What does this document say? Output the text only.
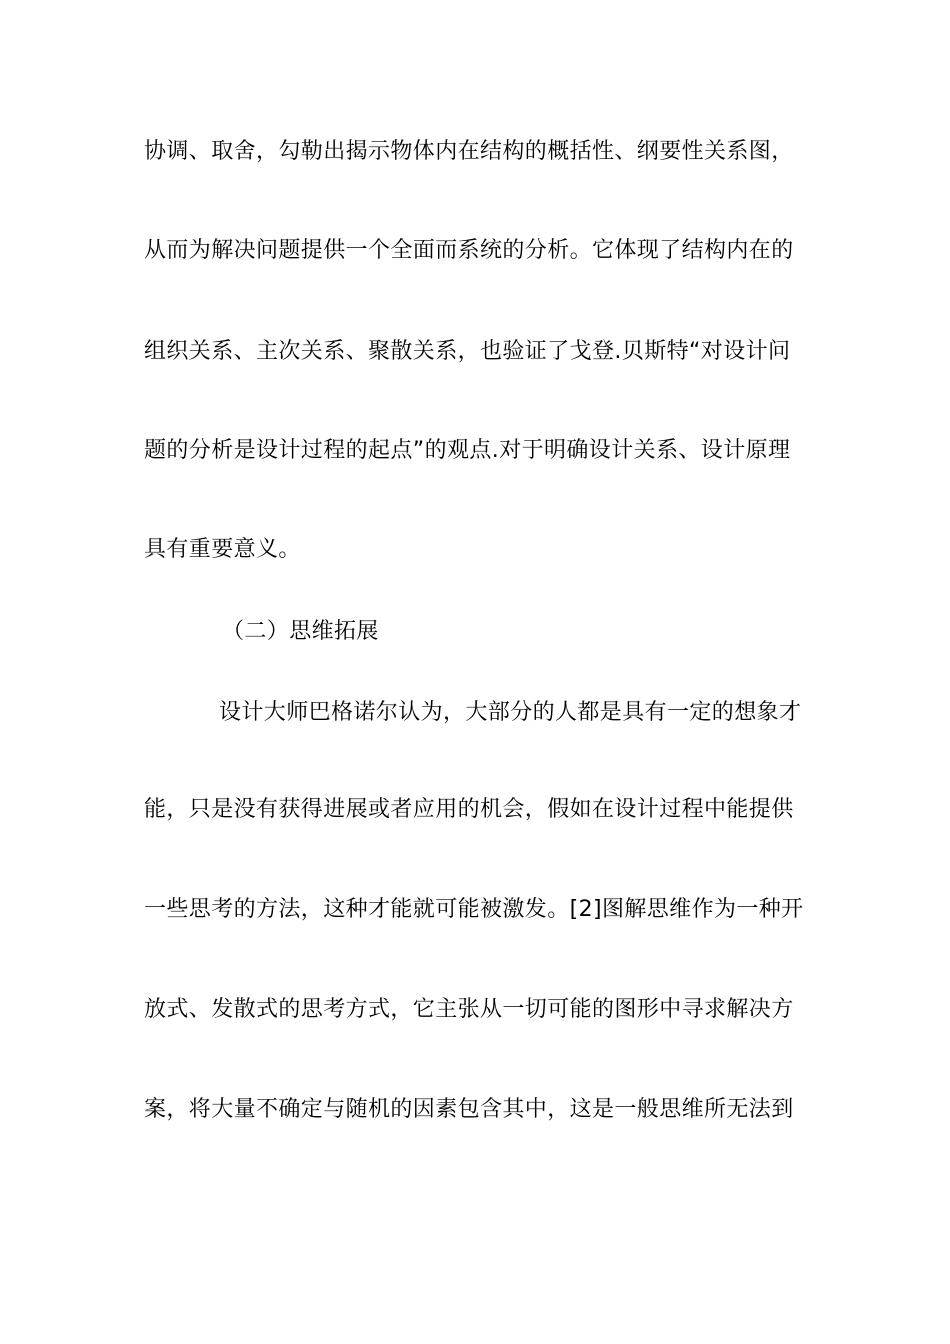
协调、取舍，勾勒出揭示物体内在结构的概括性、纲要性关系图，
从而为解决问题提供一个全面而系统的分析。它体现了结构内在的
组织关系、主次关系、聚散关系，也验证了戈登.贝斯特“对设计问
题的分析是设计过程的起点”的观点.对于明确设计关系、设计原理
具有重要意义。
（二）思维拓展
设计大师巴格诺尔认为，大部分的人都是具有一定的想象才
能，只是没有获得进展或者应用的机会，假如在设计过程中能提供
一些思考的方法，这种才能就可能被激发。[2]图解思维作为一种开
放式、发散式的思考方式，它主张从一切可能的图形中寻求解决方
案，将大量不确定与随机的因素包含其中，这是一般思维所无法到
